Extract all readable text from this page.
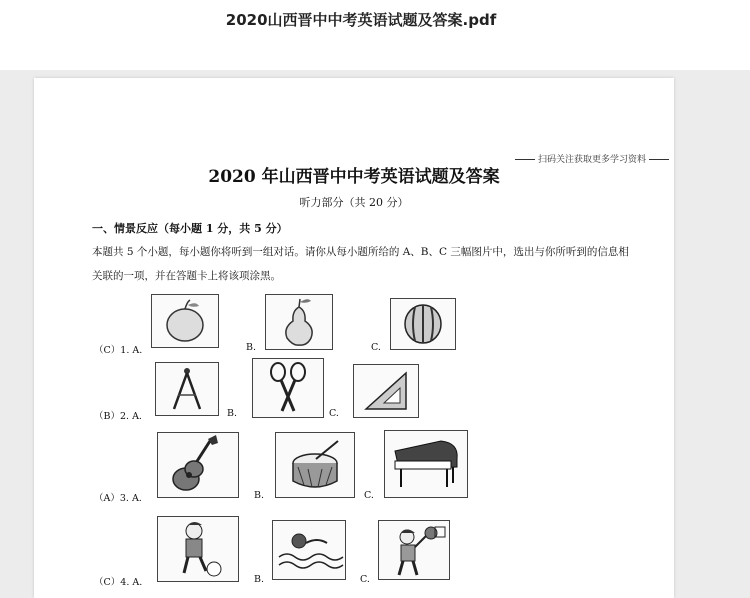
2020山西晋中中考英语试题及答案.pdf
扫码关注获取更多学习资料
2020 年山西晋中中考英语试题及答案
听力部分（共 20 分）
一、情景反应（每小题 1 分，共 5 分）
本题共 5 个小题，每小题你将听到一组对话。请你从每小题所给的 A、B、C 三幅图片中，选出与你所听到的信息相关联的一项，并在答题卡上将该项涂黑。
（C）1. A.	B.	C.
（B）2. A.	B.	C.
（A）3. A.	B.	C.
（C）4. A.	B.	C.
